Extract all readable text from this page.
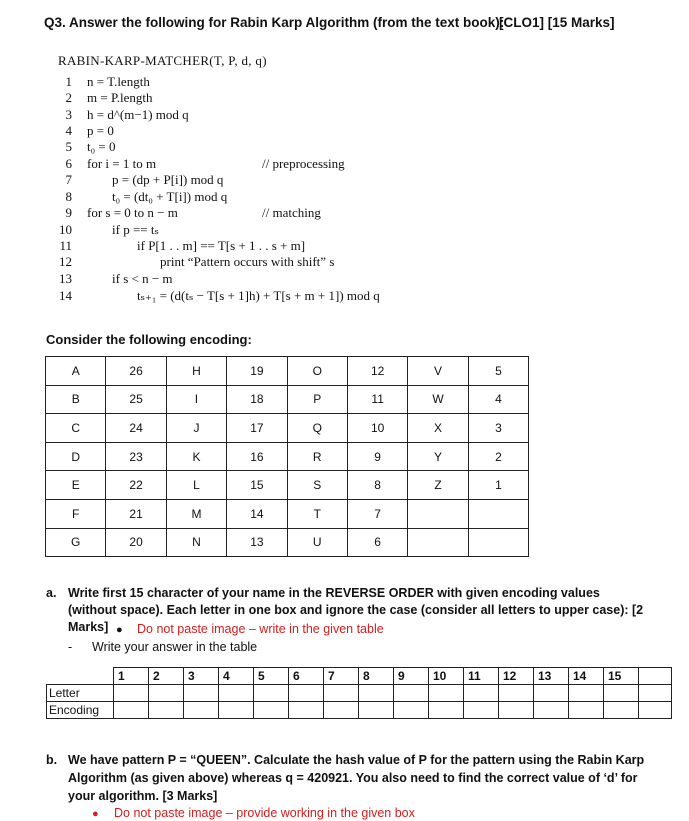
Q3. Answer the following for Rabin Karp Algorithm (from the text book):
[CLO1] [15 Marks]
RABIN-KARP-MATCHER(T, P, d, q)
1 n = T.length
2 m = P.length
3 h = d^(m−1) mod q
4 p = 0
5 t₀ = 0
6 for i = 1 to m	// preprocessing
7	p = (dp + P[i]) mod q
8	t₀ = (dt₀ + T[i]) mod q
9 for s = 0 to n − m	// matching
10	if p == tₛ
11	if P[1 . . m] == T[s + 1 . . s + m]
12	print “Pattern occurs with shift” s
13	if s < n − m
14	tₛ₊₁ = (d(tₛ − T[s + 1]h) + T[s + m + 1]) mod q
Consider the following encoding:
A	26	H	19	O	12	V	5
B	25	I	18	P	11	W	4
C	24	J	17	Q	10	X	3
D	23	K	16	R	9	Y	2
E	22	L	15	S	8	Z	1
F	21	M	14	T	7		
G	20	N	13	U	6		
a. Write first 15 character of your name in the REVERSE ORDER with given encoding values (without space). Each letter in one box and ignore the case (consider all letters to upper case): [2 Marks] ● Do not paste image – write in the given table
- Write your answer in the table
	1	2	3	4	5	6	7	8	9	10	11	12	13	14	15	
Letter																
Encoding																
b. We have pattern P = “QUEEN”. Calculate the hash value of P for the pattern using the Rabin Karp Algorithm (as given above) whereas q = 420921. You also need to find the correct value of ‘d’ for your algorithm. [3 Marks]
● Do not paste image – provide working in the given box
